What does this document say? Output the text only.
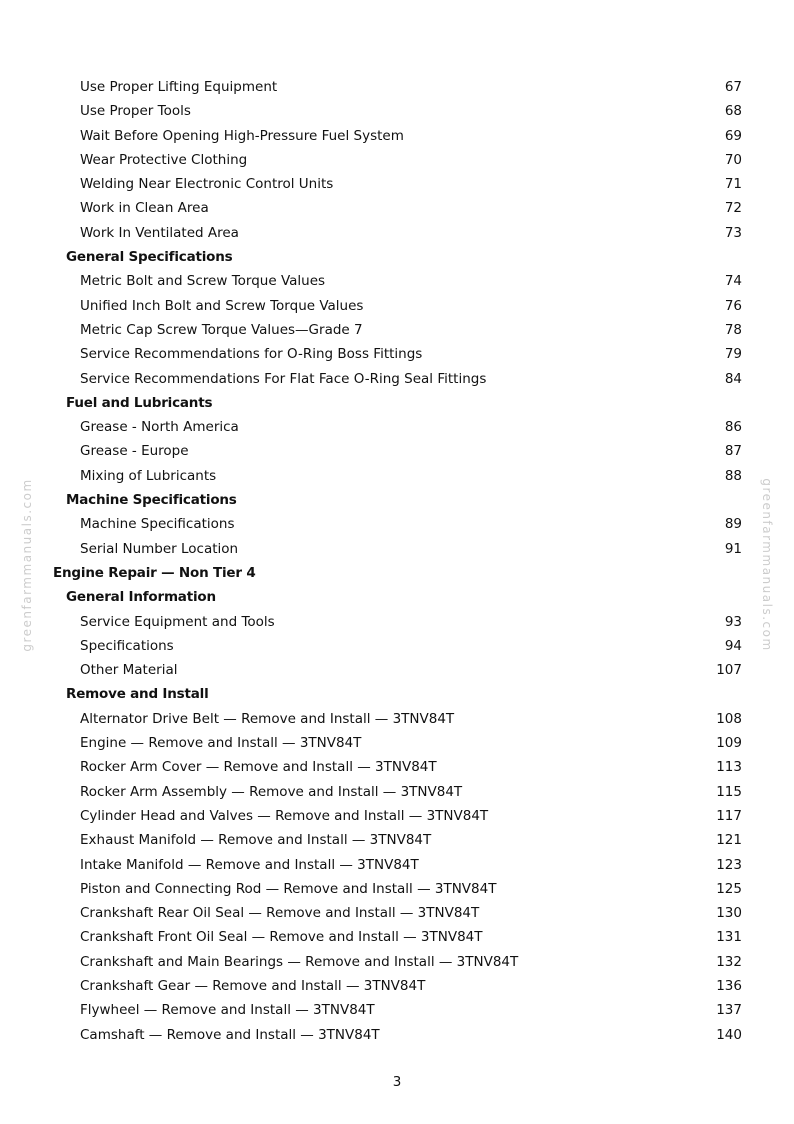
Use Proper Lifting Equipment	67
Use Proper Tools	68
Wait Before Opening High-Pressure Fuel System	69
Wear Protective Clothing	70
Welding Near Electronic Control Units	71
Work in Clean Area	72
Work In Ventilated Area	73
General Specifications
Metric Bolt and Screw Torque Values	74
Unified Inch Bolt and Screw Torque Values	76
Metric Cap Screw Torque Values—Grade 7	78
Service Recommendations for O-Ring Boss Fittings	79
Service Recommendations For Flat Face O-Ring Seal Fittings	84
Fuel and Lubricants
Grease - North America	86
Grease - Europe	87
Mixing of Lubricants	88
Machine Specifications
Machine Specifications	89
Serial Number Location	91
Engine Repair — Non Tier 4
General Information
Service Equipment and Tools	93
Specifications	94
Other Material	107
Remove and Install
Alternator Drive Belt — Remove and Install — 3TNV84T	108
Engine — Remove and Install — 3TNV84T	109
Rocker Arm Cover — Remove and Install — 3TNV84T	113
Rocker Arm Assembly — Remove and Install — 3TNV84T	115
Cylinder Head and Valves — Remove and Install — 3TNV84T	117
Exhaust Manifold — Remove and Install — 3TNV84T	121
Intake Manifold — Remove and Install — 3TNV84T	123
Piston and Connecting Rod — Remove and Install — 3TNV84T	125
Crankshaft Rear Oil Seal — Remove and Install — 3TNV84T	130
Crankshaft Front Oil Seal — Remove and Install — 3TNV84T	131
Crankshaft and Main Bearings — Remove and Install — 3TNV84T	132
Crankshaft Gear — Remove and Install — 3TNV84T	136
Flywheel — Remove and Install — 3TNV84T	137
Camshaft — Remove and Install — 3TNV84T	140
greenfarmmanuals.com	greenfarmmanuals.com
3
